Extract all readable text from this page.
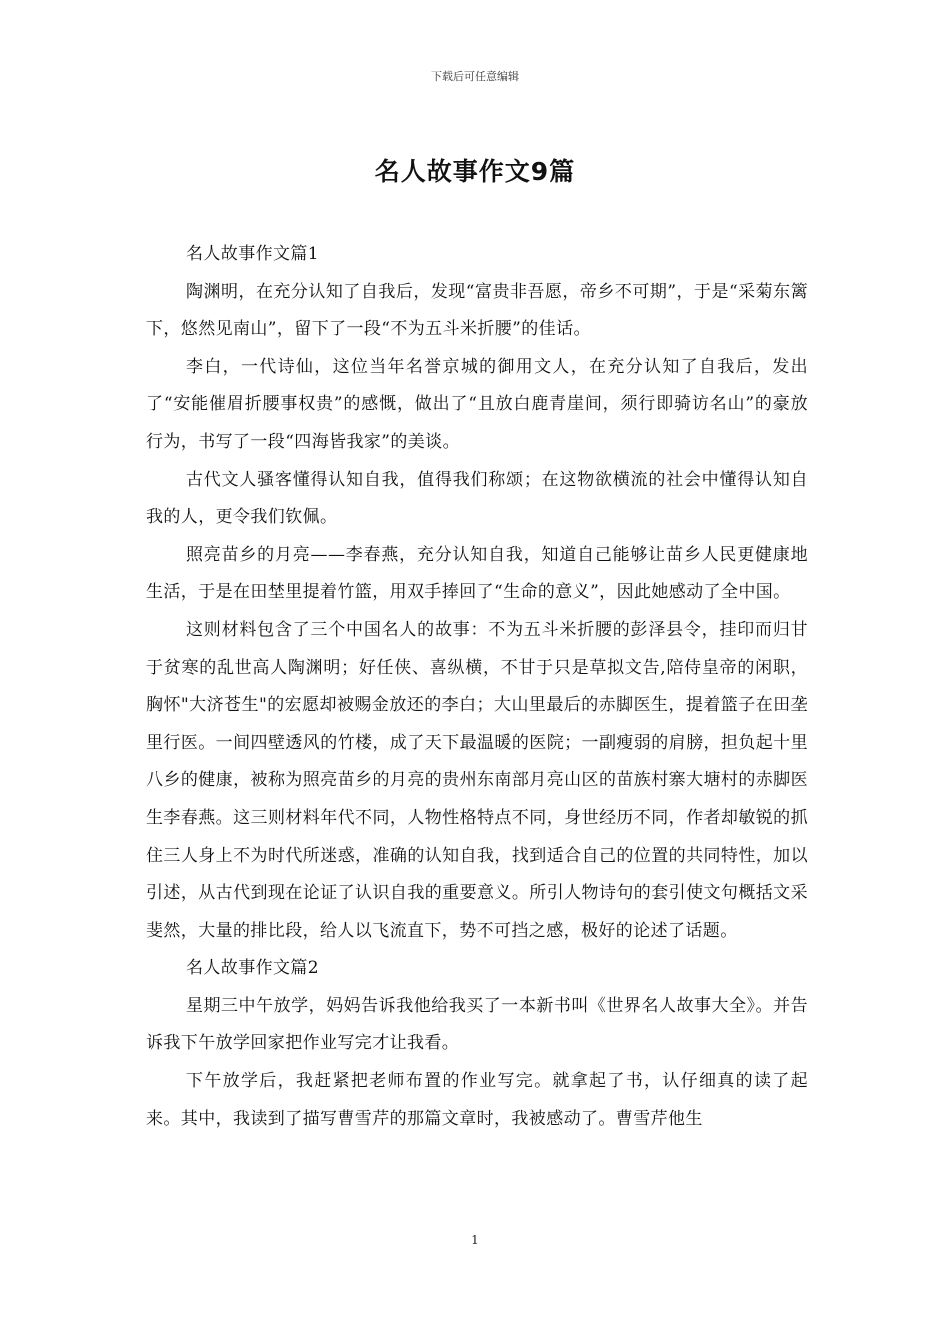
下载后可任意编辑
名人故事作文9篇

名人故事作文篇1

陶渊明，在充分认知了自我后，发现“富贵非吾愿，帝乡不可期”，于是“采菊东篱下，悠然见南山”，留下了一段“不为五斗米折腰”的佳话。

李白，一代诗仙，这位当年名誉京城的御用文人，在充分认知了自我后，发出了“安能催眉折腰事权贵”的感慨，做出了“且放白鹿青崖间，须行即骑访名山”的豪放行为，书写了一段“四海皆我家”的美谈。

古代文人骚客懂得认知自我，值得我们称颂；在这物欲横流的社会中懂得认知自我的人，更令我们钦佩。

照亮苗乡的月亮——李春燕，充分认知自我，知道自己能够让苗乡人民更健康地生活，于是在田埜里提着竹篮，用双手捧回了“生命的意义”，因此她感动了全中国。

这则材料包含了三个中国名人的故事：不为五斗米折腰的彭泽县令，挂印而归甘于贫寒的乱世高人陶渊明；好任侠、喜纵横，不甘于只是草拟文告,陪侍皇帝的闲职，胸怀"大济苍生"的宏愿却被赐金放还的李白；大山里最后的赤脚医生，提着篮子在田垄里行医。一间四壁透风的竹楼，成了天下最温暖的医院；一副瘦弱的肩膀，担负起十里八乡的健康，被称为照亮苗乡的月亮的贵州东南部月亮山区的苗族村寨大塘村的赤脚医生李春燕。这三则材料年代不同，人物性格特点不同，身世经历不同，作者却敏锐的抓住三人身上不为时代所迷惑，准确的认知自我，找到适合自己的位置的共同特性，加以引述，从古代到现在论证了认识自我的重要意义。所引人物诗句的套引使文句概括文采斐然，大量的排比段，给人以飞流直下，势不可挡之感，极好的论述了话题。

名人故事作文篇2

星期三中午放学，妈妈告诉我他给我买了一本新书叫《世界名人故事大全》。并告诉我下午放学回家把作业写完才让我看。

下午放学后，我赶紧把老师布置的作业写完。就拿起了书，认仔细真的读了起来。其中，我读到了描写曹雪芹的那篇文章时，我被感动了。曹雪芹他生

1
